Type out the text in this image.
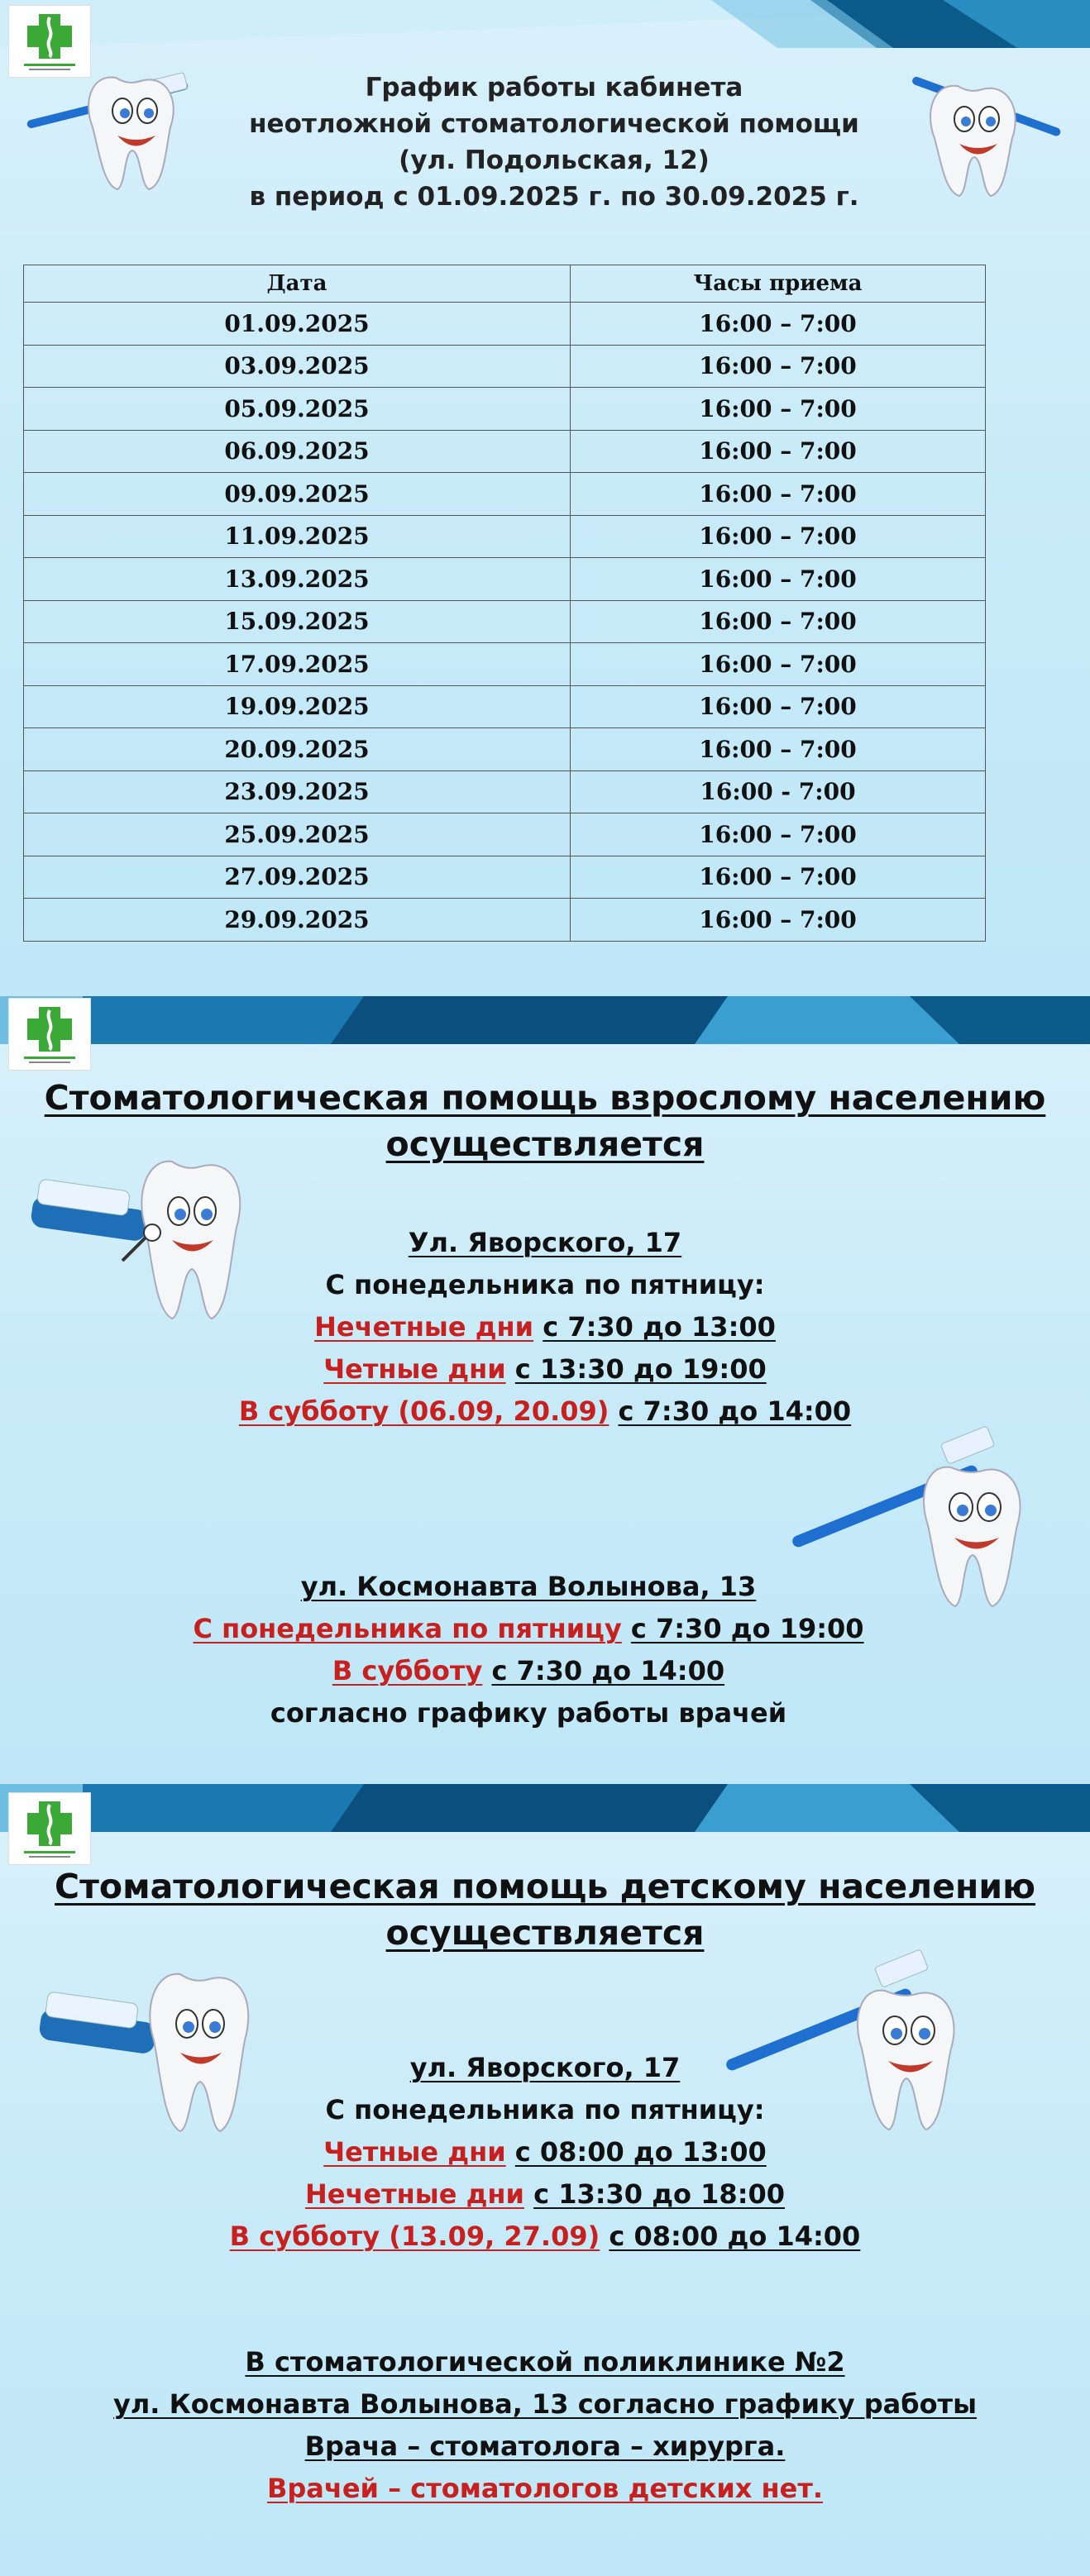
График работы кабинета
неотложной стоматологической помощи
(ул. Подольская, 12)
в период с 01.09.2025 г. по 30.09.2025 г.
Дата	Часы приема
01.09.2025	16:00 – 7:00
03.09.2025	16:00 – 7:00
05.09.2025	16:00 – 7:00
06.09.2025	16:00 – 7:00
09.09.2025	16:00 – 7:00
11.09.2025	16:00 – 7:00
13.09.2025	16:00 – 7:00
15.09.2025	16:00 – 7:00
17.09.2025	16:00 – 7:00
19.09.2025	16:00 – 7:00
20.09.2025	16:00 – 7:00
23.09.2025	16:00 - 7:00
25.09.2025	16:00 – 7:00
27.09.2025	16:00 – 7:00
29.09.2025	16:00 – 7:00
Стоматологическая помощь взрослому населению
осуществляется
Ул. Яворского, 17
С понедельника по пятницу:
Нечетные дни с 7:30 до 13:00
Четные дни с 13:30 до 19:00
В субботу (06.09, 20.09) с 7:30 до 14:00
ул. Космонавта Волынова, 13
С понедельника по пятницу с 7:30 до 19:00
В субботу с 7:30 до 14:00
согласно графику работы врачей
Стоматологическая помощь детскому населению
осуществляется
ул. Яворского, 17
С понедельника по пятницу:
Четные дни с 08:00 до 13:00
Нечетные дни с 13:30 до 18:00
В субботу (13.09, 27.09) с 08:00 до 14:00
В стоматологической поликлинике №2
ул. Космонавта Волынова, 13 согласно графику работы
Врача – стоматолога – хирурга.
Врачей – стоматологов детских нет.
